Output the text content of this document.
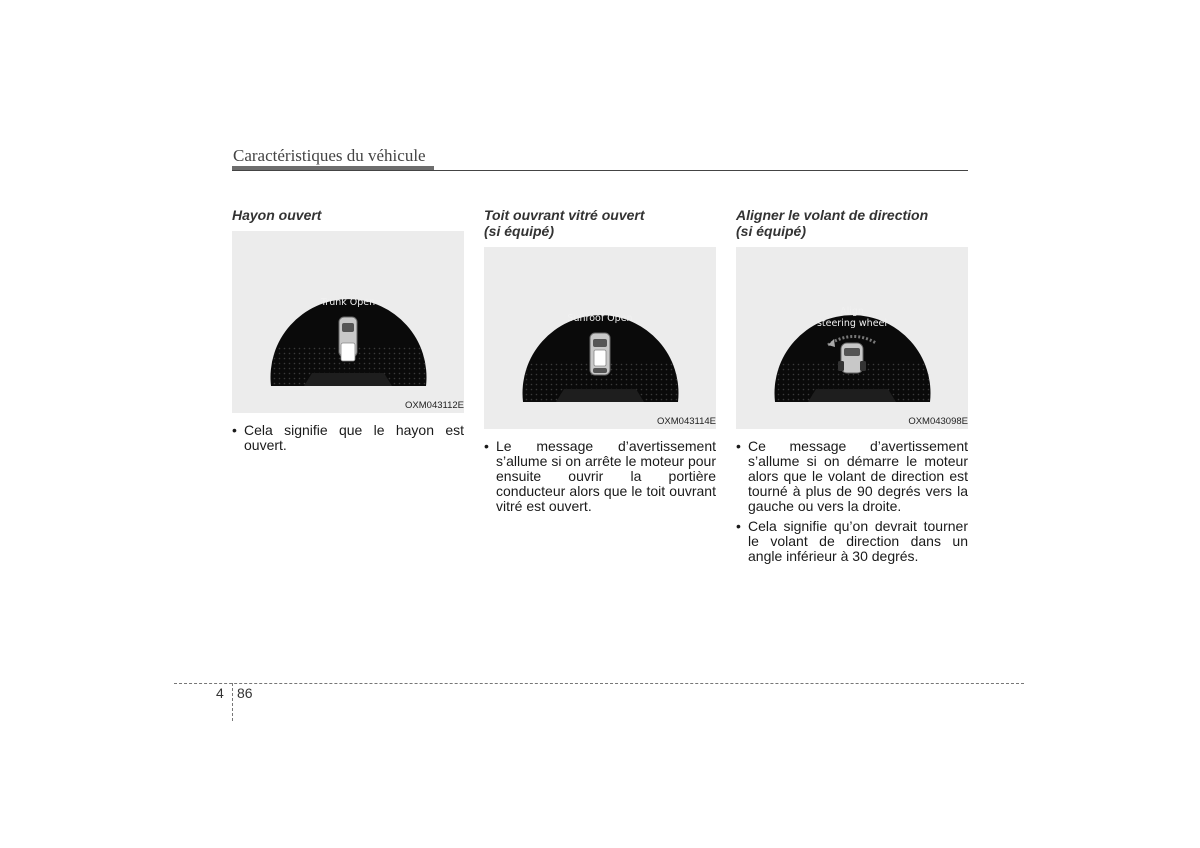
Caractéristiques du véhicule
Hayon ouvert
Trunk Open
OXM043112E
• Cela signifie que le hayon est ouvert.
Toit ouvrant vitré ouvert
(si équipé)
Sunroof Open
OXM043114E
• Le message d’avertissement s’allume si on arrête le moteur pour ensuite ouvrir la portière conducteur alors que le toit ouvrant vitré est ouvert.
Aligner le volant de direction
(si équipé)
Align
steering wheel
OXM043098E
• Ce message d’avertissement s’allume si on démarre le moteur alors que le volant de direction est tourné à plus de 90 degrés vers la gauche ou vers la droite.
• Cela signifie qu’on devrait tourner le volant de direction dans un angle inférieur à 30 degrés.
4 86
